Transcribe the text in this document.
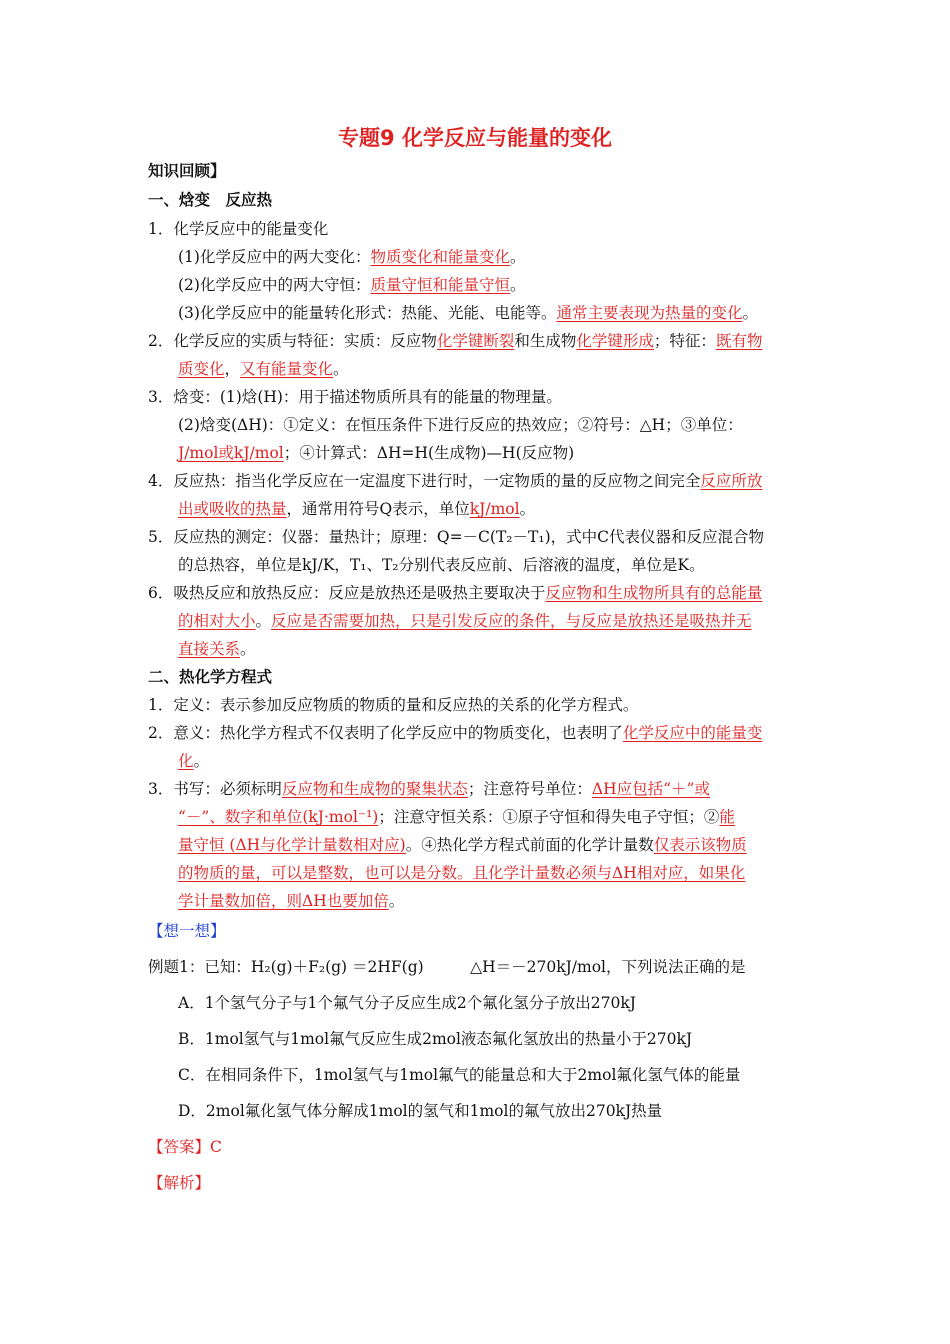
专题9 化学反应与能量的变化
知识回顾】
一、焓变　反应热
1．化学反应中的能量变化
(1)化学反应中的两大变化：物质变化和能量变化。
(2)化学反应中的两大守恒：质量守恒和能量守恒。
(3)化学反应中的能量转化形式：热能、光能、电能等。通常主要表现为热量的变化。
2．化学反应的实质与特征：实质：反应物化学键断裂和生成物化学键形成；特征：既有物
质变化，又有能量变化。
3．焓变：(1)焓(H)：用于描述物质所具有的能量的物理量。
(2)焓变(ΔH)：①定义：在恒压条件下进行反应的热效应；②符号：△H；③单位：
J/mol或kJ/mol；④计算式：ΔH=H(生成物)—H(反应物)
4．反应热：指当化学反应在一定温度下进行时，一定物质的量的反应物之间完全反应所放
出或吸收的热量，通常用符号Q表示，单位kJ/mol。
5．反应热的测定：仪器：量热计；原理：Q=－C(T₂－T₁)，式中C代表仪器和反应混合物
的总热容，单位是kJ/K，T₁、T₂分别代表反应前、后溶液的温度，单位是K。
6．吸热反应和放热反应：反应是放热还是吸热主要取决于反应物和生成物所具有的总能量
的相对大小。反应是否需要加热，只是引发反应的条件，与反应是放热还是吸热并无
直接关系。
二、热化学方程式
1．定义：表示参加反应物质的物质的量和反应热的关系的化学方程式。
2．意义：热化学方程式不仅表明了化学反应中的物质变化，也表明了化学反应中的能量变
化。
3．书写：必须标明反应物和生成物的聚集状态；注意符号单位：ΔH应包括“＋”或
“－”、数字和单位(kJ·mol⁻¹)；注意守恒关系：①原子守恒和得失电子守恒；②能
量守恒 (ΔH与化学计量数相对应)。④热化学方程式前面的化学计量数仅表示该物质
的物质的量，可以是整数，也可以是分数。且化学计量数必须与ΔH相对应，如果化
学计量数加倍，则ΔH也要加倍。
【想一想】
例题1：已知：H₂(g)＋F₂(g) ＝2HF(g)　　　△H＝－270kJ/mol，下列说法正确的是
A．1个氢气分子与1个氟气分子反应生成2个氟化氢分子放出270kJ
B．1mol氢气与1mol氟气反应生成2mol液态氟化氢放出的热量小于270kJ
C．在相同条件下，1mol氢气与1mol氟气的能量总和大于2mol氟化氢气体的能量
D．2mol氟化氢气体分解成1mol的氢气和1mol的氟气放出270kJ热量
【答案】C
【解析】
